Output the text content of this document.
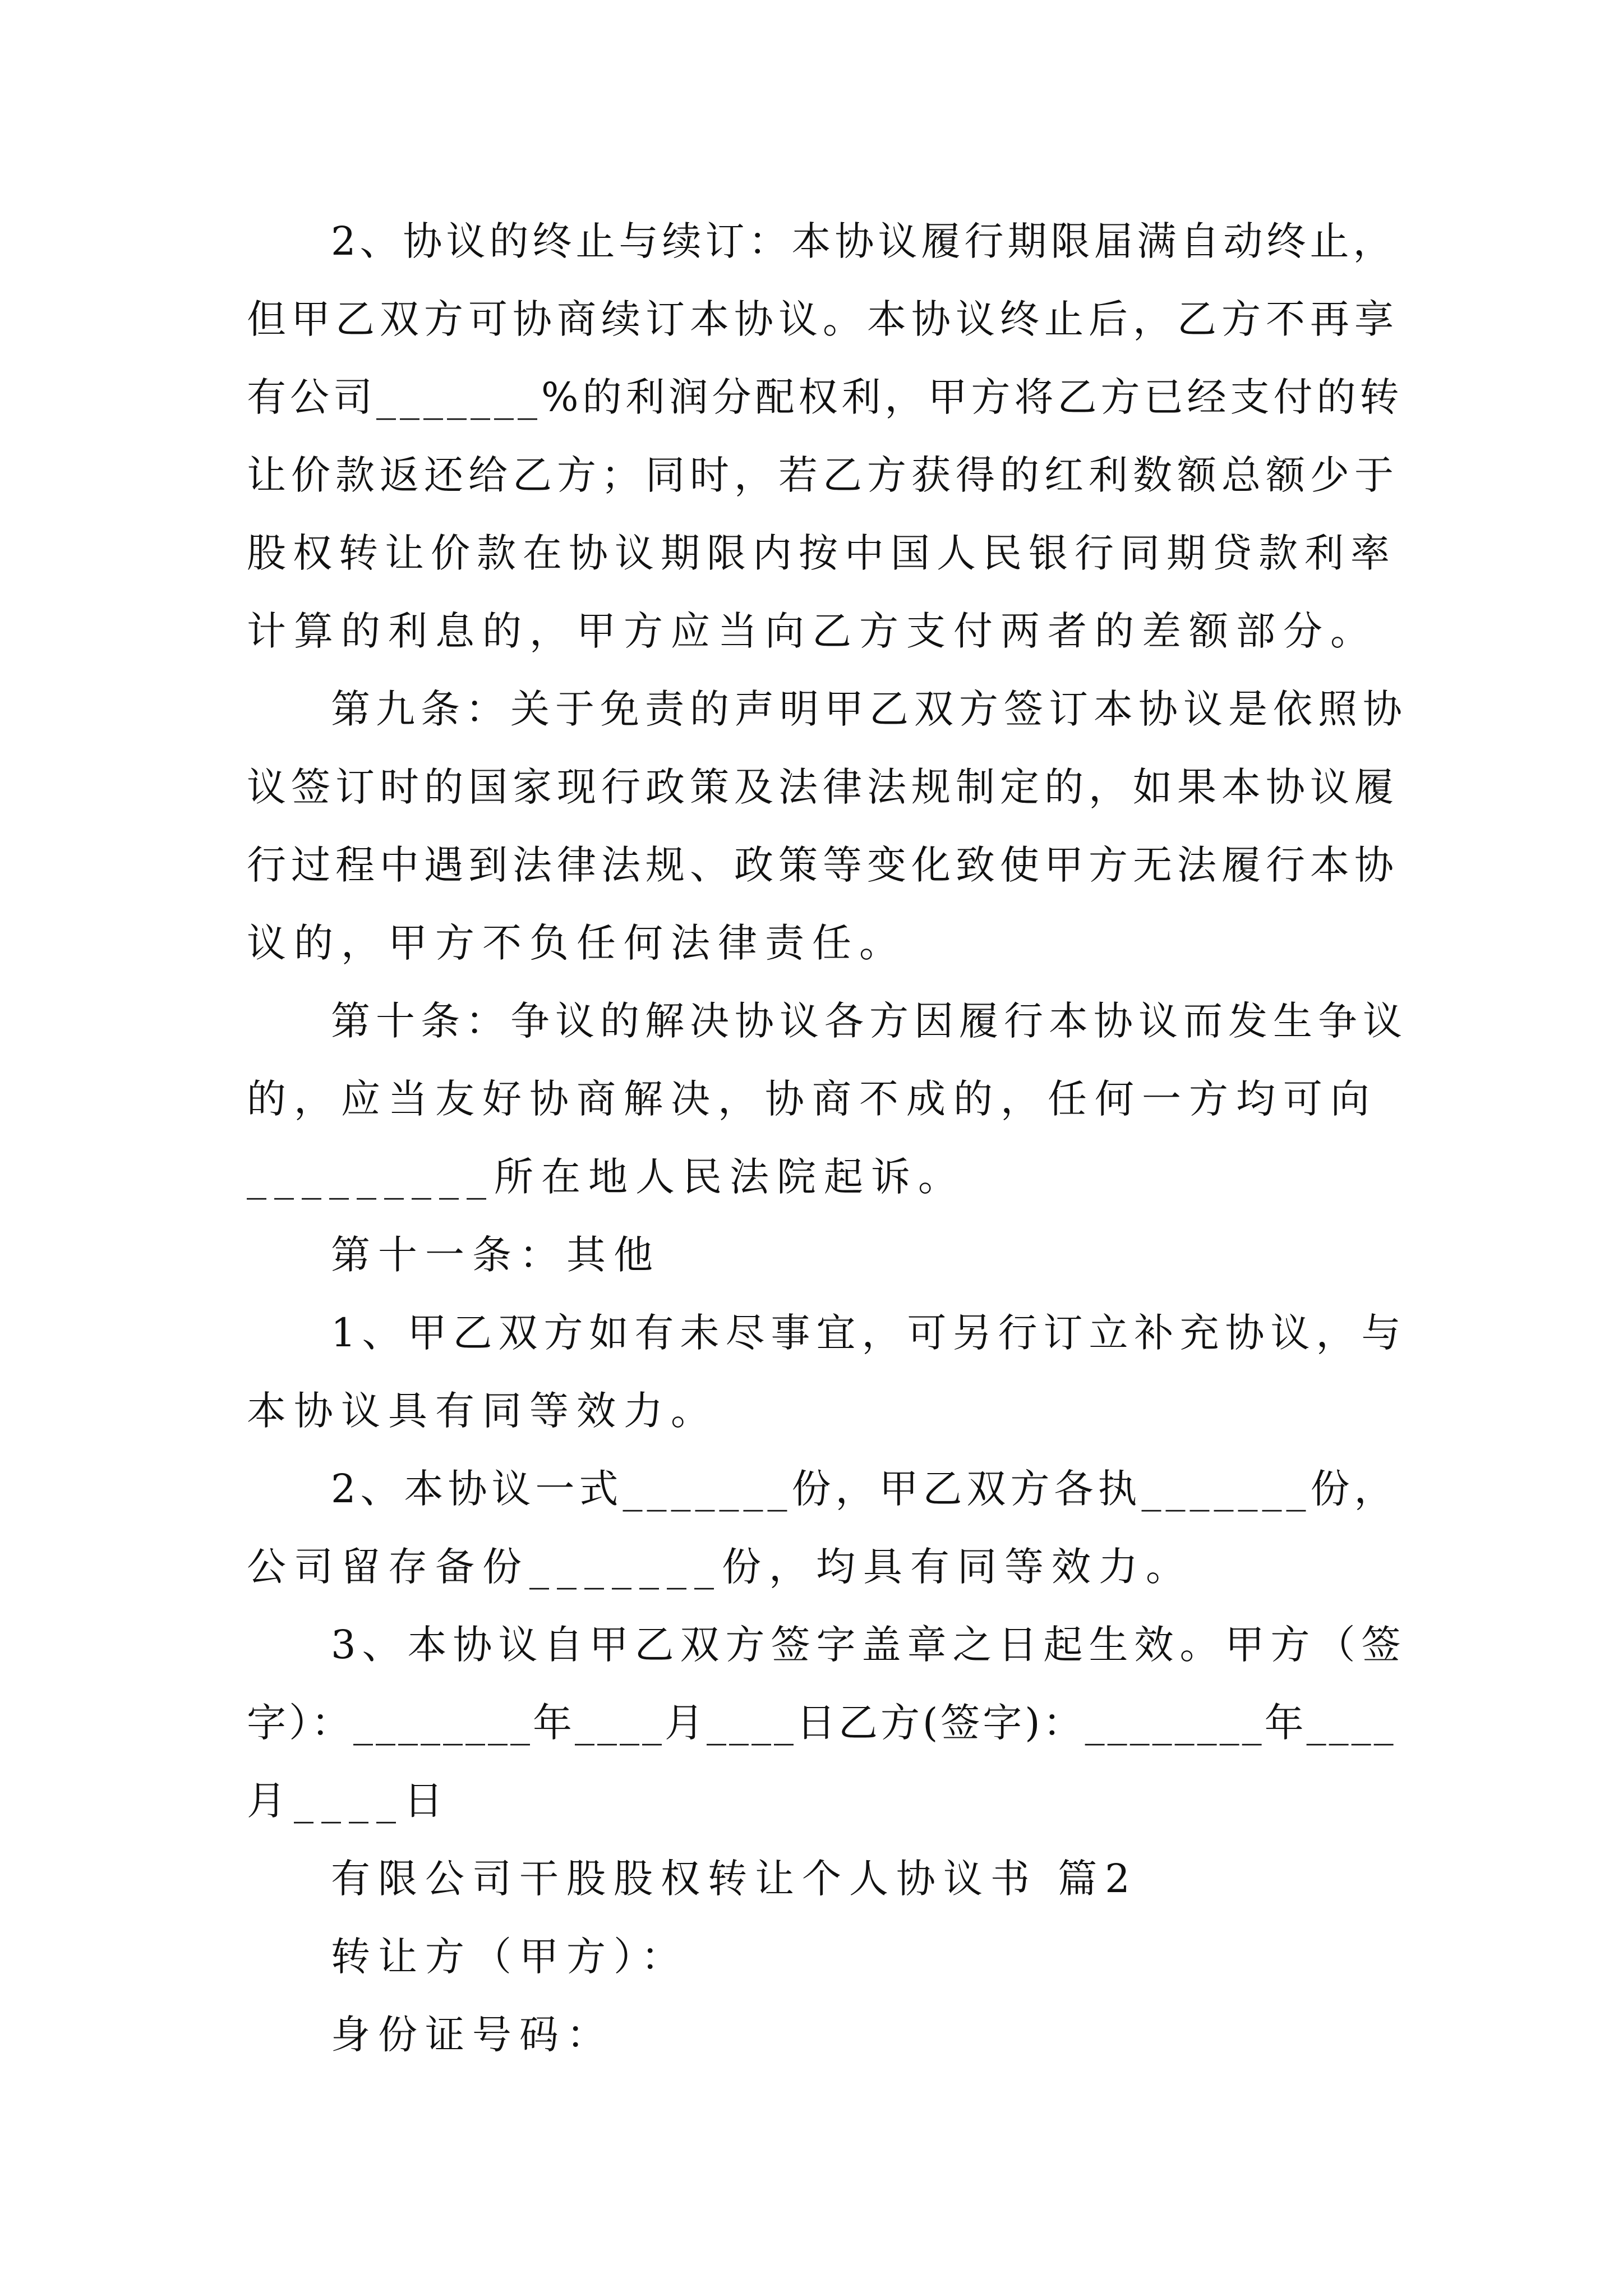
2、协议的终止与续订：本协议履行期限届满自动终止，
但甲乙双方可协商续订本协议。本协议终止后，乙方不再享
有公司_______%的利润分配权利，甲方将乙方已经支付的转
让价款返还给乙方；同时，若乙方获得的红利数额总额少于
股权转让价款在协议期限内按中国人民银行同期贷款利率
计算的利息的，甲方应当向乙方支付两者的差额部分。
第九条：关于免责的声明甲乙双方签订本协议是依照协
议签订时的国家现行政策及法律法规制定的，如果本协议履
行过程中遇到法律法规、政策等变化致使甲方无法履行本协
议的，甲方不负任何法律责任。
第十条：争议的解决协议各方因履行本协议而发生争议
的，应当友好协商解决，协商不成的，任何一方均可向
_________所在地人民法院起诉。
第十一条：其他
1、甲乙双方如有未尽事宜，可另行订立补充协议，与
本协议具有同等效力。
2、本协议一式_______份，甲乙双方各执_______份，
公司留存备份_______份，均具有同等效力。
3、本协议自甲乙双方签字盖章之日起生效。甲方（签
字）：________年____月____日乙方(签字)：________年____
月____日
有限公司干股股权转让个人协议书 篇2
转让方（甲方）：
身份证号码：
